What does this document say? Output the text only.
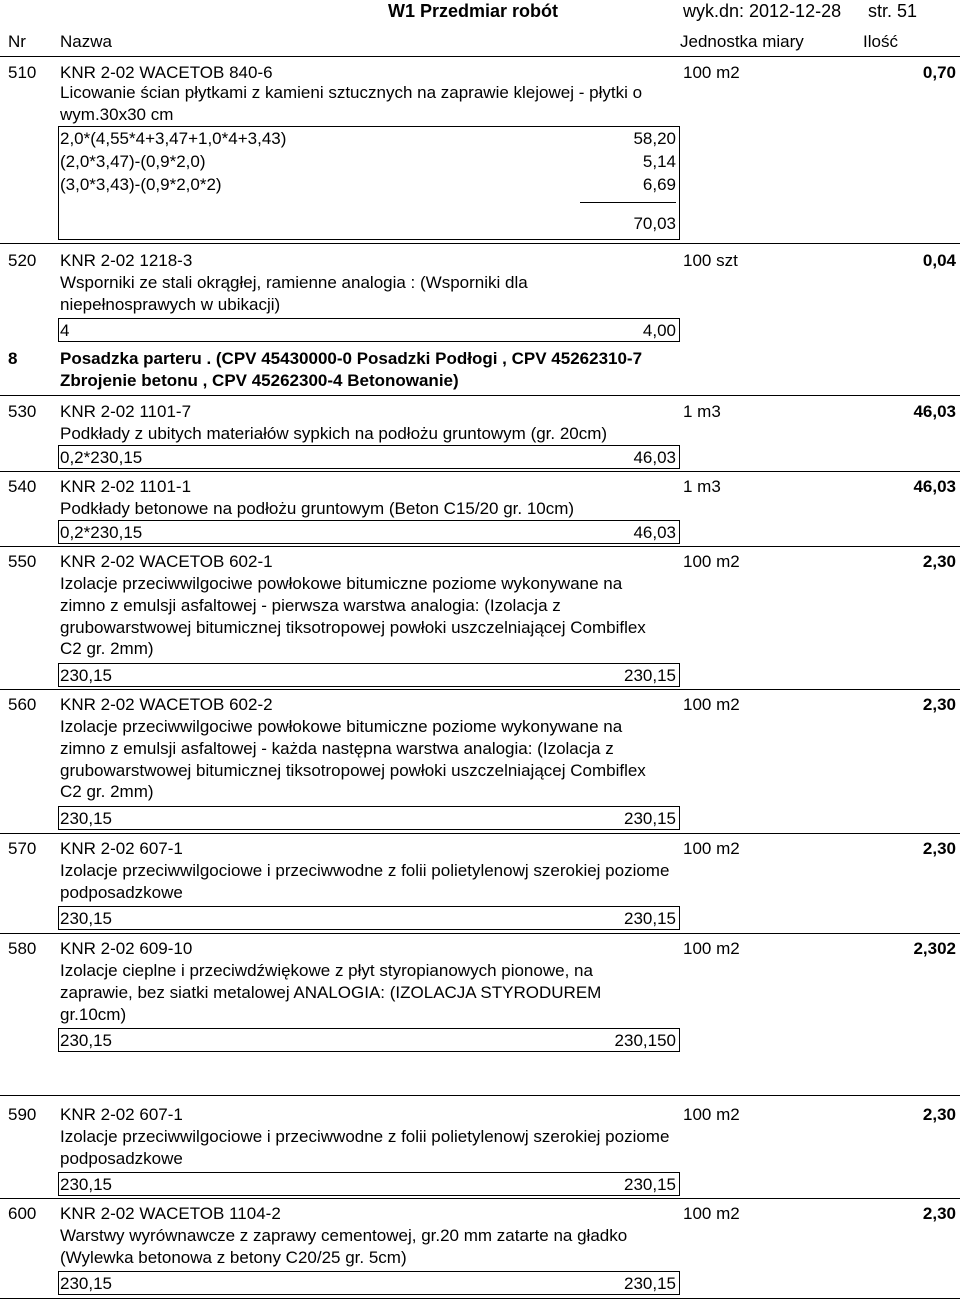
W1 Przedmiar robót	wyk.dn: 2012-12-28 str. 51
Nr Nazwa	Jednostka miary	Ilość
510 KNR 2-02 WACETOB 840-6
Licowanie ścian płytkami z kamieni sztucznych na zaprawie klejowej - płytki o wym.30x30 cm
100 m2	0,70
2,0*(4,55*4+3,47+1,0*4+3,43)	58,20
(2,0*3,47)-(0,9*2,0)	5,14
(3,0*3,43)-(0,9*2,0*2)	6,69
70,03
520 KNR 2-02 1218-3
Wsporniki ze stali okrągłej, ramienne analogia : (Wsporniki dla niepełnosprawych w ubikacji)
100 szt	0,04
4	4,00
8	Posadzka parteru . (CPV 45430000-0 Posadzki Podłogi , CPV 45262310-7 Zbrojenie betonu , CPV 45262300-4 Betonowanie)
530 KNR 2-02 1101-7
Podkłady z ubitych materiałów sypkich na podłożu gruntowym (gr. 20cm)
1 m3	46,03
0,2*230,15	46,03
540 KNR 2-02 1101-1
Podkłady betonowe na podłożu gruntowym (Beton C15/20 gr. 10cm)
1 m3	46,03
0,2*230,15	46,03
550 KNR 2-02 WACETOB 602-1
Izolacje przeciwwilgociwe powłokowe bitumiczne poziome wykonywane na zimno z emulsji asfaltowej - pierwsza warstwa analogia: (Izolacja z grubowarstwowej bitumicznej tiksotropowej powłoki uszczelniającej Combiflex C2 gr. 2mm)
100 m2	2,30
230,15	230,15
560 KNR 2-02 WACETOB 602-2
Izolacje przeciwwilgociwe powłokowe bitumiczne poziome wykonywane na zimno z emulsji asfaltowej - każda następna warstwa analogia: (Izolacja z grubowarstwowej bitumicznej tiksotropowej powłoki uszczelniającej Combiflex C2 gr. 2mm)
100 m2	2,30
230,15	230,15
570 KNR 2-02 607-1
Izolacje przeciwwilgociowe i przeciwwodne z folii polietylenowj szerokiej poziome podposadzkowe
100 m2	2,30
230,15	230,15
580 KNR 2-02 609-10
Izolacje cieplne i przeciwdźwiękowe z płyt styropianowych pionowe, na zaprawie, bez siatki metalowej ANALOGIA: (IZOLACJA STYRODUREM gr.10cm)
100 m2	2,302
230,15	230,150
590 KNR 2-02 607-1
Izolacje przeciwwilgociowe i przeciwwodne z folii polietylenowj szerokiej poziome podposadzkowe
100 m2	2,30
230,15	230,15
600 KNR 2-02 WACETOB 1104-2
Warstwy wyrównawcze z zaprawy cementowej, gr.20 mm zatarte na gładko (Wylewka betonowa z betony C20/25 gr. 5cm)
100 m2	2,30
230,15	230,15
